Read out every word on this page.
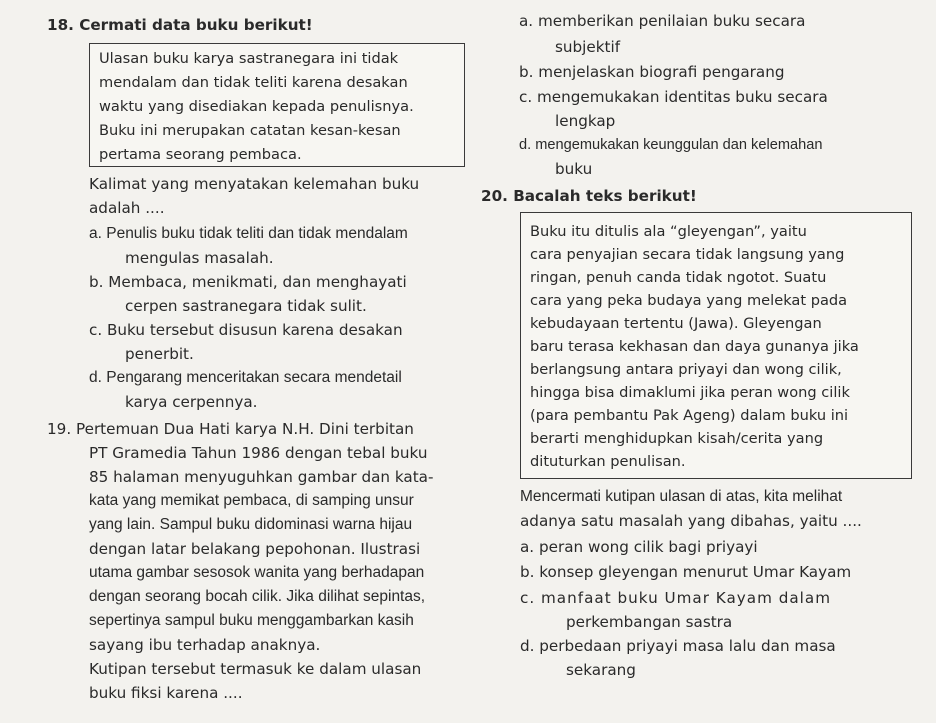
18. Cermati data buku berikut!
Ulasan buku karya sastranegara ini tidak
mendalam dan tidak teliti karena desakan
waktu yang disediakan kepada penulisnya.
Buku ini merupakan catatan kesan-kesan
pertama seorang pembaca.
Kalimat yang menyatakan kelemahan buku
adalah ....
a. Penulis buku tidak teliti dan tidak mendalam
mengulas masalah.
b. Membaca, menikmati, dan menghayati
cerpen sastranegara tidak sulit.
c. Buku tersebut disusun karena desakan
penerbit.
d. Pengarang menceritakan secara mendetail
karya cerpennya.
19. Pertemuan Dua Hati karya N.H. Dini terbitan
PT Gramedia Tahun 1986 dengan tebal buku
85 halaman menyuguhkan gambar dan kata-
kata yang memikat pembaca, di samping unsur
yang lain. Sampul buku didominasi warna hijau
dengan latar belakang pepohonan. Ilustrasi
utama gambar sesosok wanita yang berhadapan
dengan seorang bocah cilik. Jika dilihat sepintas,
sepertinya sampul buku menggambarkan kasih
sayang ibu terhadap anaknya.
Kutipan tersebut termasuk ke dalam ulasan
buku fiksi karena ....
a. memberikan penilaian buku secara
subjektif
b. menjelaskan biografi pengarang
c. mengemukakan identitas buku secara
lengkap
d. mengemukakan keunggulan dan kelemahan
buku
20. Bacalah teks berikut!
Buku itu ditulis ala “gleyengan”, yaitu
cara penyajian secara tidak langsung yang
ringan, penuh canda tidak ngotot. Suatu
cara yang peka budaya yang melekat pada
kebudayaan tertentu (Jawa). Gleyengan
baru terasa kekhasan dan daya gunanya jika
berlangsung antara priyayi dan wong cilik,
hingga bisa dimaklumi jika peran wong cilik
(para pembantu Pak Ageng) dalam buku ini
berarti menghidupkan kisah/cerita yang
dituturkan penulisan.
Mencermati kutipan ulasan di atas, kita melihat
adanya satu masalah yang dibahas, yaitu ....
a. peran wong cilik bagi priyayi
b. konsep gleyengan menurut Umar Kayam
c. manfaat buku Umar Kayam dalam
perkembangan sastra
d. perbedaan priyayi masa lalu dan masa
sekarang
